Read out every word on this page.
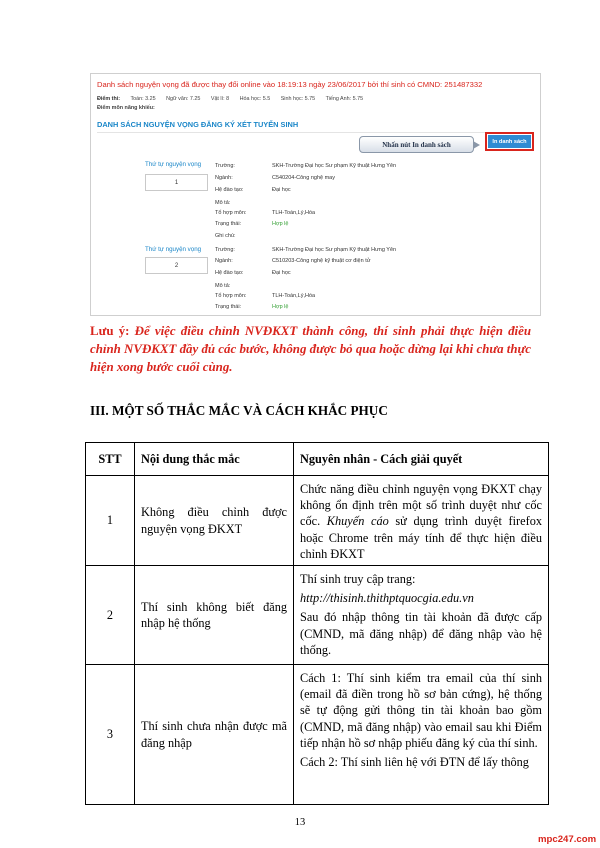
Danh sách nguyện vọng đã được thay đổi online vào 18:19:13 ngày 23/06/2017 bởi thí sinh có CMND: 251487332
Điểm thi: Toán: 3.25 Ngữ văn: 7.25 Vật lí: 8 Hóa học: 5.5 Sinh học: 5.75 Tiếng Anh: 5.75
Điểm môn năng khiếu:
DANH SÁCH NGUYỆN VỌNG ĐĂNG KÝ XÉT TUYỂN SINH
Nhấn nút In danh sách	In danh sách
Thứ tự nguyện vọng
1
Trường:	SKH-Trường Đại học Sư phạm Kỹ thuật Hưng Yên
Ngành:	C540204-Công nghệ may
Hệ đào tạo:	Đại học
Mô tả:
Tổ hợp môn:	TLH-Toán,Lý,Hóa
Trạng thái:	Hợp lệ
Ghi chú:
Thứ tự nguyện vọng
2
Trường:	SKH-Trường Đại học Sư phạm Kỹ thuật Hưng Yên
Ngành:	C510203-Công nghệ kỹ thuật cơ điện tử
Hệ đào tạo:	Đại học
Mô tả:
Tổ hợp môn:	TLH-Toán,Lý,Hóa
Trạng thái:	Hợp lệ

Lưu ý: Để việc điều chỉnh NVĐKXT thành công, thí sinh phải thực hiện điều chỉnh NVĐKXT đầy đủ các bước, không được bỏ qua hoặc dừng lại khi chưa thực hiện xong bước cuối cùng.

III. MỘT SỐ THẮC MẮC VÀ CÁCH KHẮC PHỤC
STT	Nội dung thắc mắc	Nguyên nhân - Cách giải quyết
1	Không điều chỉnh được nguyện vọng ĐKXT	Chức năng điều chỉnh nguyện vọng ĐKXT chạy không ổn định trên một số trình duyệt như cốc cốc. Khuyến cáo sử dụng trình duyệt firefox hoặc Chrome trên máy tính để thực hiện điều chỉnh ĐKXT
2	Thí sinh không biết đăng nhập hệ thống	Thí sinh truy cập trang:

http://thisinh.thithptquocgia.edu.vn

Sau đó nhập thông tin tài khoản đã được cấp (CMND, mã đăng nhập) để đăng nhập vào hệ thống.

3	Thí sinh chưa nhận được mã đăng nhập	Cách 1: Thí sinh kiểm tra email của thí sinh (email đã điền trong hồ sơ bản cứng), hệ thống sẽ tự động gửi thông tin tài khoản bao gồm (CMND, mã đăng nhập) vào email sau khi Điểm tiếp nhận hồ sơ nhập phiếu đăng ký của thí sinh.

Cách 2: Thí sinh liên hệ với ĐTN để lấy thông

13
mpc247.com
